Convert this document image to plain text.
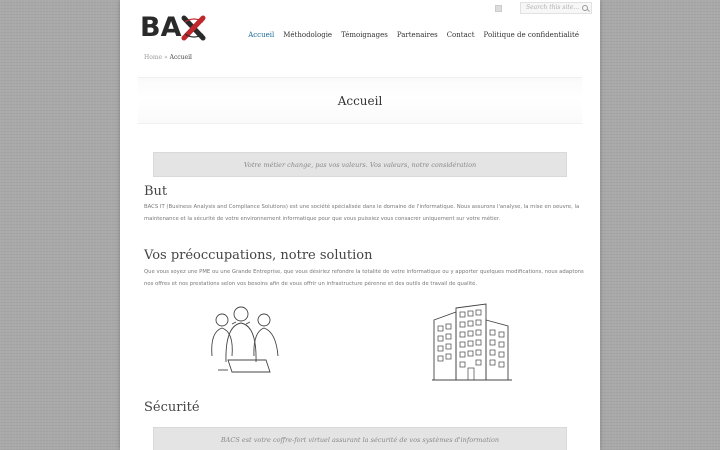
BA
Search this site...
Accueil Méthodologie Témoignages Partenaires Contact Politique de confidentialité
Home » Accueil
Accueil
Votre métier change, pas vos valeurs. Vos valeurs, notre considération
But

BACS IT (Business Analysis and Compliance Solutions) est une société spécialisée dans le domaine de l'informatique. Nous assurons l'analyse, la mise en oeuvre, la maintenance et la sécurité de votre environnement informatique pour que vous puissiez vous consacrer uniquement sur votre métier.

Vos préoccupations, notre solution

Que vous soyez une PME ou une Grande Entreprise, que vous désiriez refondre la totalité de votre informatique ou y apporter quelques modifications, nous adaptons nos offres et nos prestations selon vos besoins afin de vous offrir un infrastructure pérenne et des outils de travail de qualité.

Sécurité
BACS est votre coffre-fort virtuel assurant la sécurité de vos systèmes d'information
